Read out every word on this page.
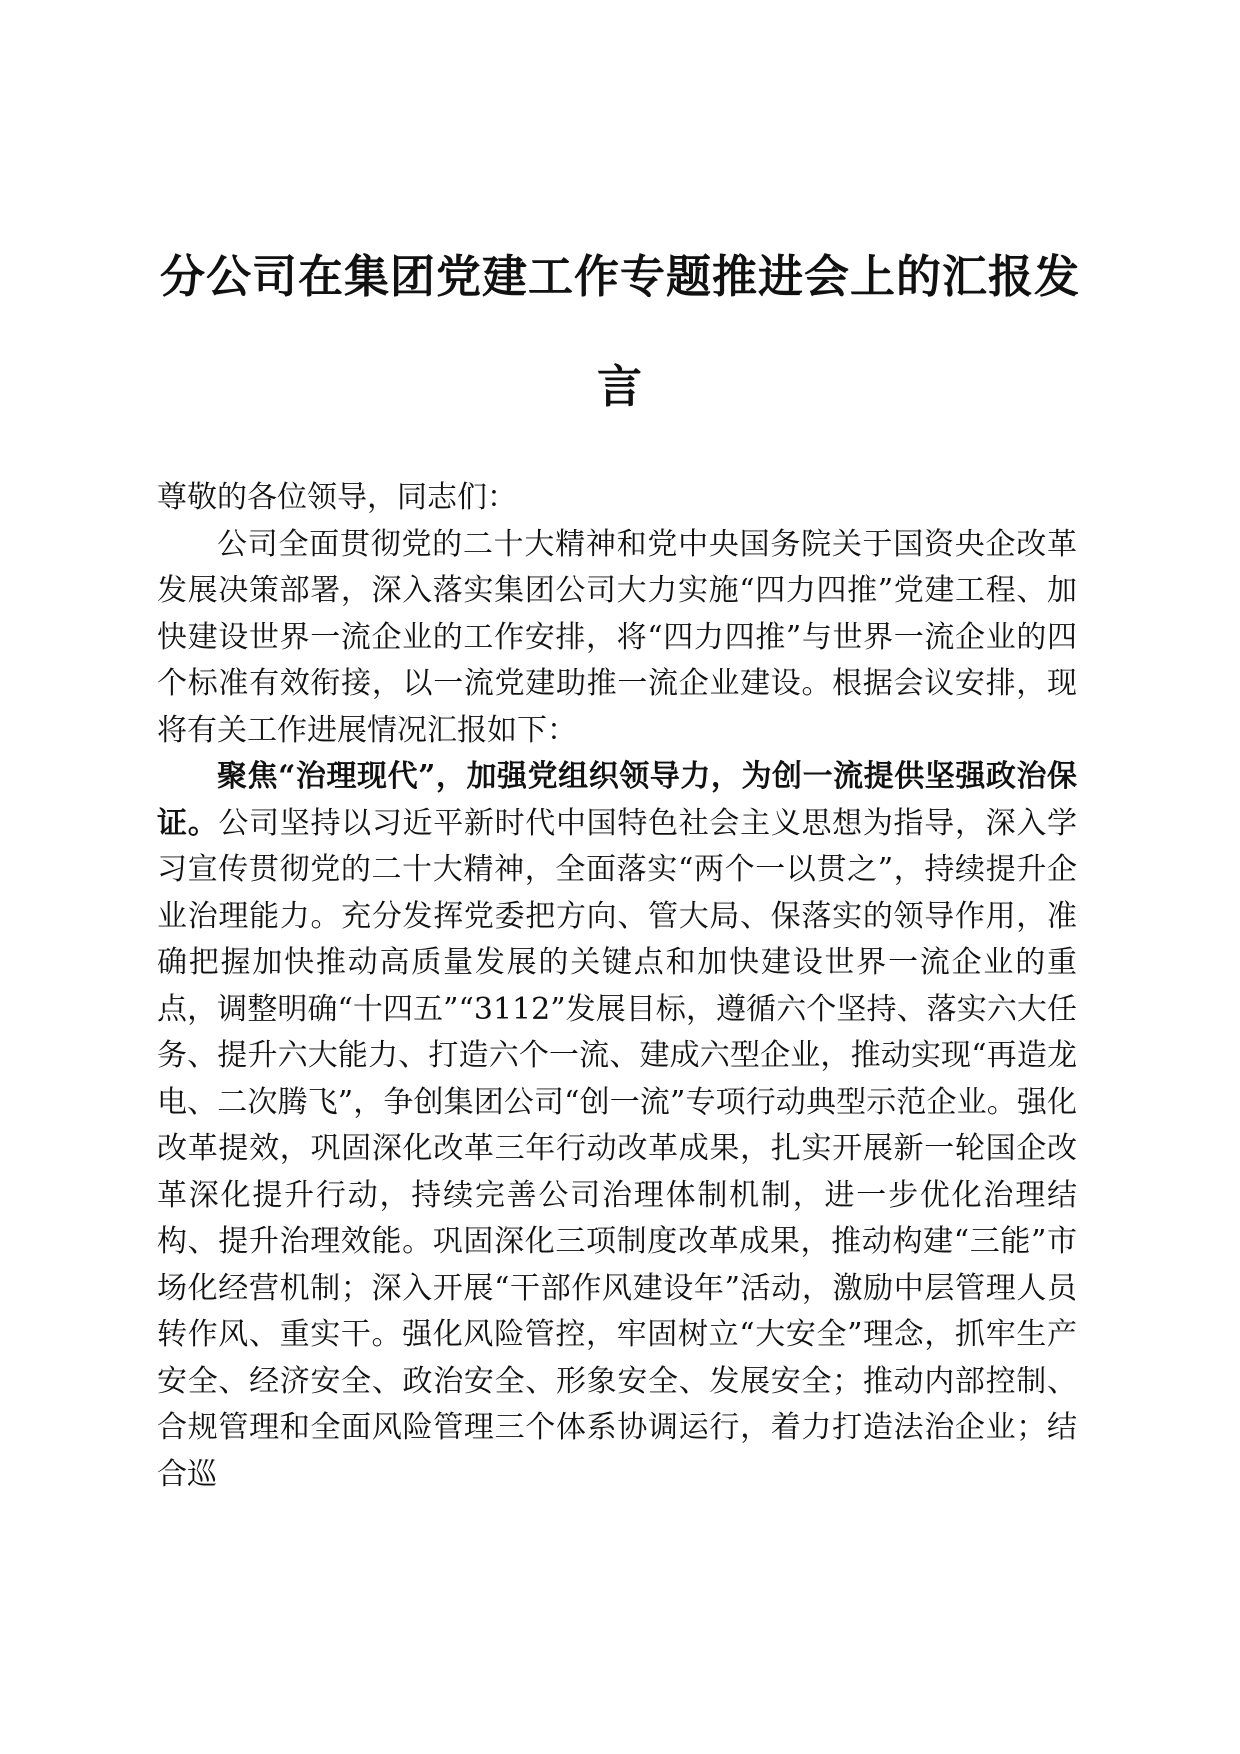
分公司在集团党建工作专题推进会上的汇报发言

尊敬的各位领导，同志们：

公司全面贯彻党的二十大精神和党中央国务院关于国资央企改革发展决策部署，深入落实集团公司大力实施“四力四推”党建工程、加快建设世界一流企业的工作安排，将“四力四推”与世界一流企业的四个标准有效衔接，以一流党建助推一流企业建设。根据会议安排，现将有关工作进展情况汇报如下：

聚焦“治理现代”，加强党组织领导力，为创一流提供坚强政治保证。公司坚持以习近平新时代中国特色社会主义思想为指导，深入学习宣传贯彻党的二十大精神，全面落实“两个一以贯之”，持续提升企业治理能力。充分发挥党委把方向、管大局、保落实的领导作用，准确把握加快推动高质量发展的关键点和加快建设世界一流企业的重点，调整明确“十四五”“3112”发展目标，遵循六个坚持、落实六大任务、提升六大能力、打造六个一流、建成六型企业，推动实现“再造龙电、二次腾飞”，争创集团公司“创一流”专项行动典型示范企业。强化改革提效，巩固深化改革三年行动改革成果，扎实开展新一轮国企改革深化提升行动，持续完善公司治理体制机制，进一步优化治理结构、提升治理效能。巩固深化三项制度改革成果，推动构建“三能”市场化经营机制；深入开展“干部作风建设年”活动，激励中层管理人员转作风、重实干。强化风险管控，牢固树立“大安全”理念，抓牢生产安全、经济安全、政治安全、形象安全、发展安全；推动内部控制、合规管理和全面风险管理三个体系协调运行，着力打造法治企业；结合巡
